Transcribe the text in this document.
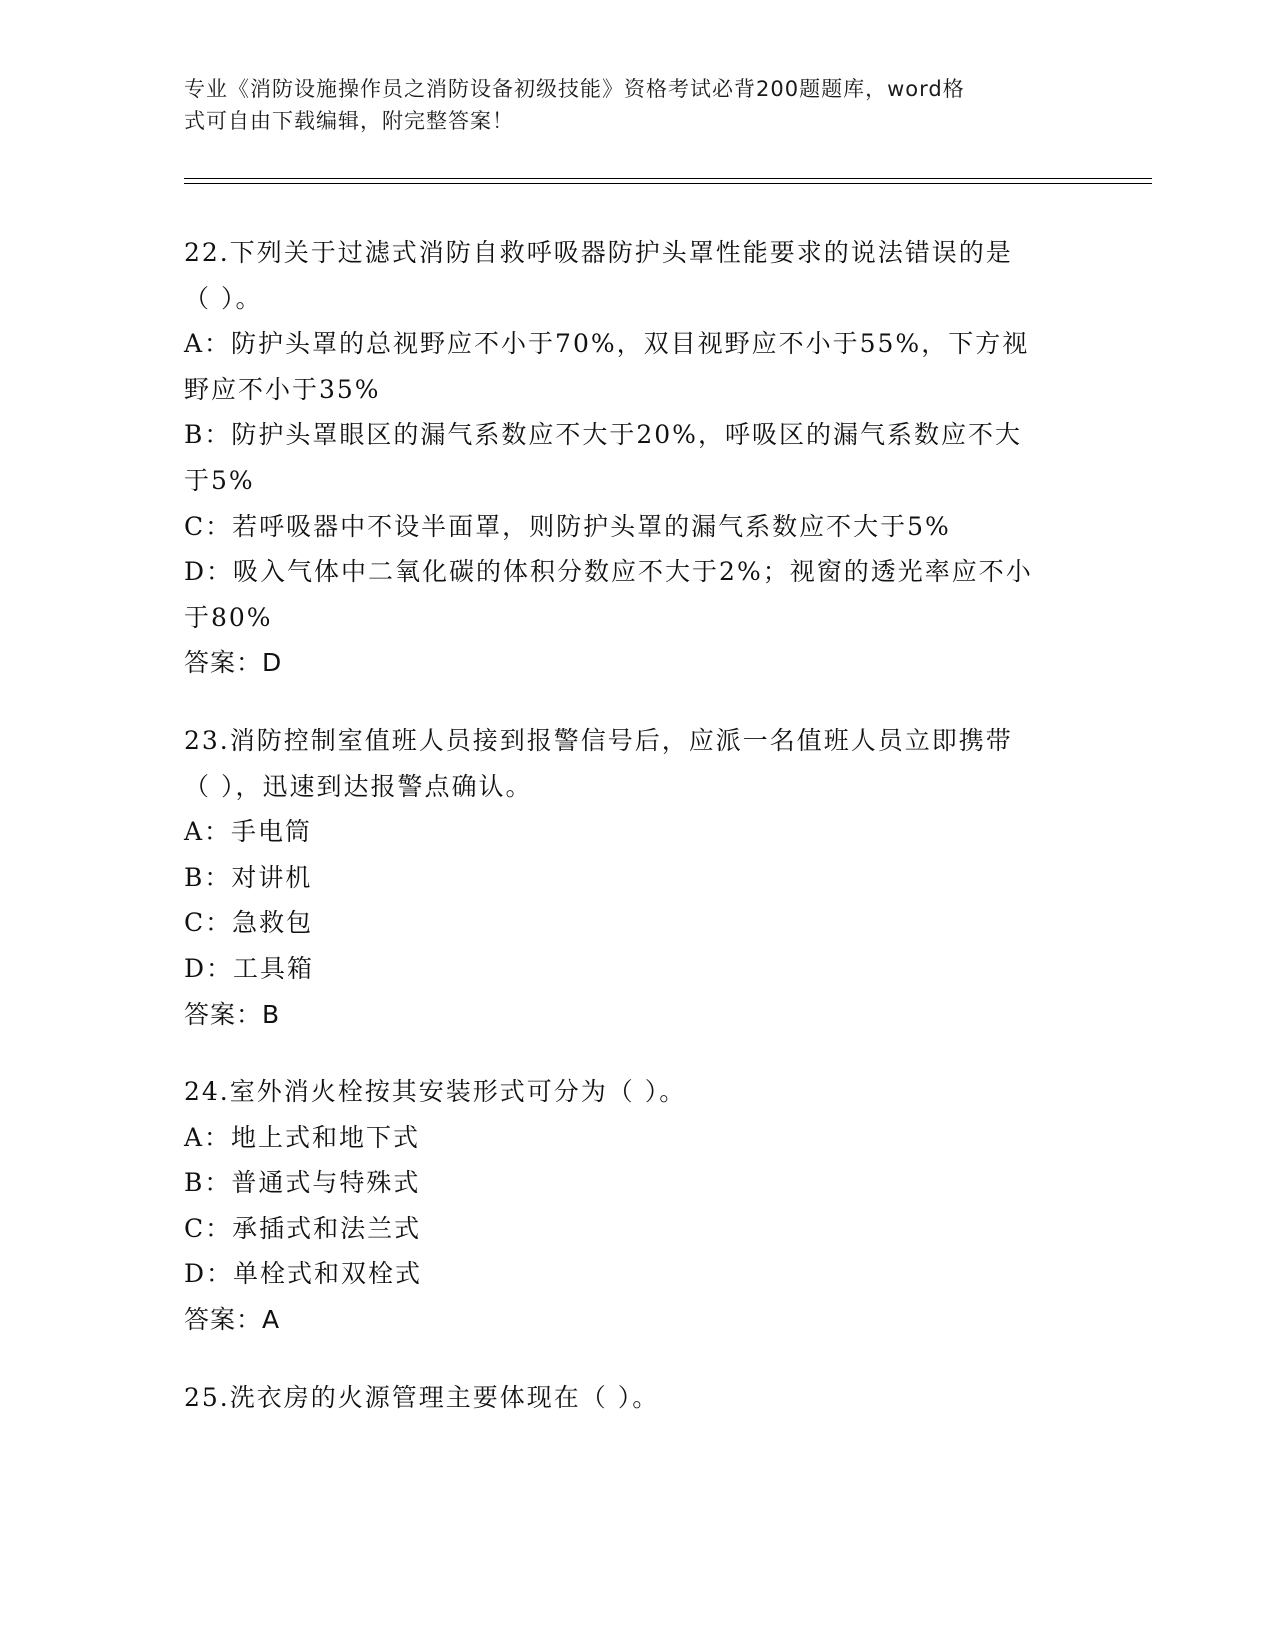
专业《消防设施操作员之消防设备初级技能》资格考试必背200题题库，word格
式可自由下载编辑，附完整答案！
22.下列关于过滤式消防自救呼吸器防护头罩性能要求的说法错误的是
（ ）。
A：防护头罩的总视野应不小于70%，双目视野应不小于55%，下方视
野应不小于35%
B：防护头罩眼区的漏气系数应不大于20%，呼吸区的漏气系数应不大
于5%
C：若呼吸器中不设半面罩，则防护头罩的漏气系数应不大于5%
D：吸入气体中二氧化碳的体积分数应不大于2%；视窗的透光率应不小
于80%
答案：D
23.消防控制室值班人员接到报警信号后，应派一名值班人员立即携带
（ ），迅速到达报警点确认。
A：手电筒
B：对讲机
C：急救包
D：工具箱
答案：B
24.室外消火栓按其安装形式可分为（ ）。
A：地上式和地下式
B：普通式与特殊式
C：承插式和法兰式
D：单栓式和双栓式
答案：A
25.洗衣房的火源管理主要体现在（ ）。
